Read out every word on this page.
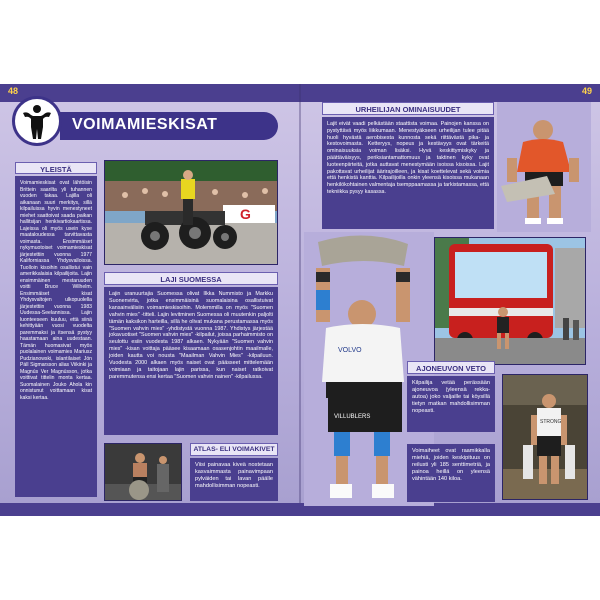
48	49
VOIMAMIESKISAT
YLEISTÄ
Voimamieskisat ovat lähtöisin Brittein saarilta yli tuhannen vuoden takaa. Lajilla oli aikanaan suuri merkitys, sillä kilpailuissa hyvin menestyneet miehet saattoivat saada paikan hallitsijan henkivartiokaartissa. Lajeissa oli myös usein kyse maataloudessa tarvittavasta voimasta. Ensimmäiset nykymuotoiset voimamieskisat järjestettiin vuonna 1977 Kaliforniassa Yhdysvalloissa. Tuolloin kisoihin osallistui vain amerikkalaisia kilpailijoita. Lajin ensimmäinen mestaruuden voitti Bruce Wilhelm. Ensimmäiset kisat Yhdysvaltojen ulkopuolella järjestettiin vuonna 1983 Uudessa-Seelannissa. Lajin luonteeseen kuuluu, että siinä kehittyään vuosi vuodelta paremmaksi ja itsensä pystyy haastamaan aina uudestaan. Tämän huomasivat myös puolalainen voimamies Mariusz Pudzianowski, islantilaiset Jón Páll Sigmarsson alias Viikinki ja Magnús Ver Magnússon, jotka voittivat tittelin monta kertaa. Suomalainen Jouko Ahola kin onnistunut voittamaan kisat kaksi kertaa.
G
LAJI SUOMESSA
Lajin uranuurtajia Suomessa olivat Ilkka Nummisto ja Markku Suonenvirta, jotka ensimmäisinä suomalaisina osallistuivat kansainvälisiin voimamieskisoihin. Molemmilla on myös "Suomen vahvin mies" -titteli. Lajin levitminen Suomessa oli muutenkin paljolti tämän kaksikon harteilla, sillä he olivat mukana perustamassa myös "Suomen vahvin mies" -yhdistystä vuonna 1987. Yhdistys järjestää jokavuotiset "Suomen vahvin mies" -kilpailut, joissa parhaimmisto on seulottu esiin vuodesta 1987 alkaen. Nykyään "Suomen vahvin mies" -kisan voittaja pääsee kisaamaan osasenjohtin maailmalle, joiden kautta voi nousta "Maailman Vahvin Mies" -kilpailuun. Vuodesta 2000 alkaen myös naiset ovat päässeet mittelemään voimiaan ja taitojaan lajin parissa, kun naiset ratkoivat paremmutensa ensi kertaa "Suomen vahvin nainen" -kilpailussa.
ATLAS- ELI VOIMAKIVET
Viisi painavaa kiveä nostetaan kasvaimmasta painavimpaan pylväiden tai lavan päälle mahdollisimman nopeasti.
URHEILIJAN OMINAISUUDET
Lajit eivät vaadi pelkästään staattista voimaa. Painojen kanssa on pystyttävä myös liikkumaan. Menestyäkseen urheilijan tulee pitää huoli hyvästä aerobisesta kunnosta sekä riittävästä pika- ja kestovoimasta. Ketteryys, nopeus ja kestävyys ovat tärkeitä ominaisuuksia voiman lisäksi. Hyvä keskittymiskyky ja päättäväisyys, periksiantamattomuus ja taktinen kyky ovat luoteenpiirteitä, jotka auttavat menestymään isoissa kisoissa. Lajit pakottavat urheilijat äärirajoilleen, ja kisat koettelevat sekä voimia että henkistä kanttia. Kilpailijoilla onkin yleensä kisoissa mukanaan henkilökohtainen valmentaja tsemppaamassa ja tarkistamassa, että tekniikka pysyy kasassa.
VOLVO
VILLUBLERS
AJONEUVON VETO
Kilpailija vetää perässään ajoneuvoa (yleensä rekka-autoa) joko valjaille tai köysillä tietyn matkan mahdollisimman nopeasti.
STRONG
Voimaiheet ovat raamikkalla miehiä, joiden keskipituus on reilusti yli 185 senttimetriä, ja painoa heillä on yleensä vähintään 140 kiloa.
